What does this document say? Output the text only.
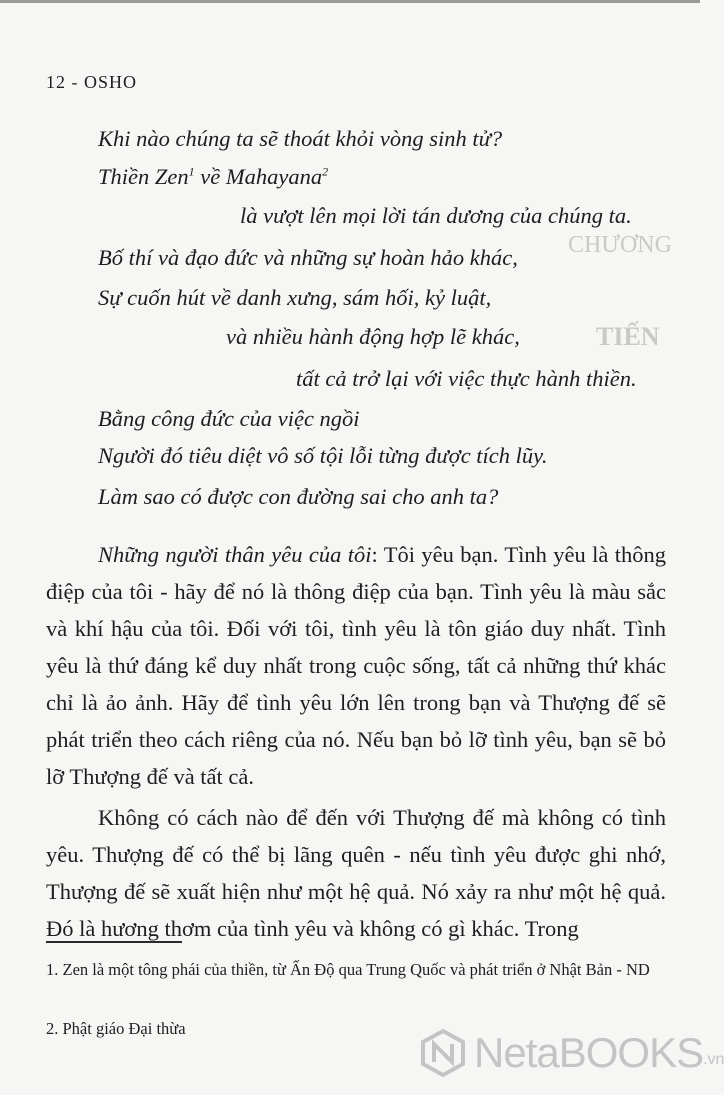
CHƯƠNG
TIẾN
12 - OSHO
Khi nào chúng ta sẽ thoát khỏi vòng sinh tử?
Thiền Zen$^1$ về Mahayana$^2$
là vượt lên mọi lời tán dương của chúng ta.
Bố thí và đạo đức và những sự hoàn hảo khác,
Sự cuốn hút về danh xưng, sám hối, kỷ luật,
và nhiều hành động hợp lẽ khác,
tất cả trở lại với việc thực hành thiền.
Bằng công đức của việc ngồi
Người đó tiêu diệt vô số tội lỗi từng được tích lũy.
Làm sao có được con đường sai cho anh ta?

Những người thân yêu của tôi: Tôi yêu bạn. Tình yêu là thông điệp của tôi - hãy để nó là thông điệp của bạn. Tình yêu là màu sắc và khí hậu của tôi. Đối với tôi, tình yêu là tôn giáo duy nhất. Tình yêu là thứ đáng kể duy nhất trong cuộc sống, tất cả những thứ khác chỉ là ảo ảnh. Hãy để tình yêu lớn lên trong bạn và Thượng đế sẽ phát triển theo cách riêng của nó. Nếu bạn bỏ lỡ tình yêu, bạn sẽ bỏ lỡ Thượng đế và tất cả.

Không có cách nào để đến với Thượng đế mà không có tình yêu. Thượng đế có thể bị lãng quên - nếu tình yêu được ghi nhớ, Thượng đế sẽ xuất hiện như một hệ quả. Nó xảy ra như một hệ quả. Đó là hương thơm của tình yêu và không có gì khác. Trong

1. Zen là một tông phái của thiền, từ Ấn Độ qua Trung Quốc và phát triển ở Nhật Bản - ND
2. Phật giáo Đại thừa
NetaBOOKS .vn
